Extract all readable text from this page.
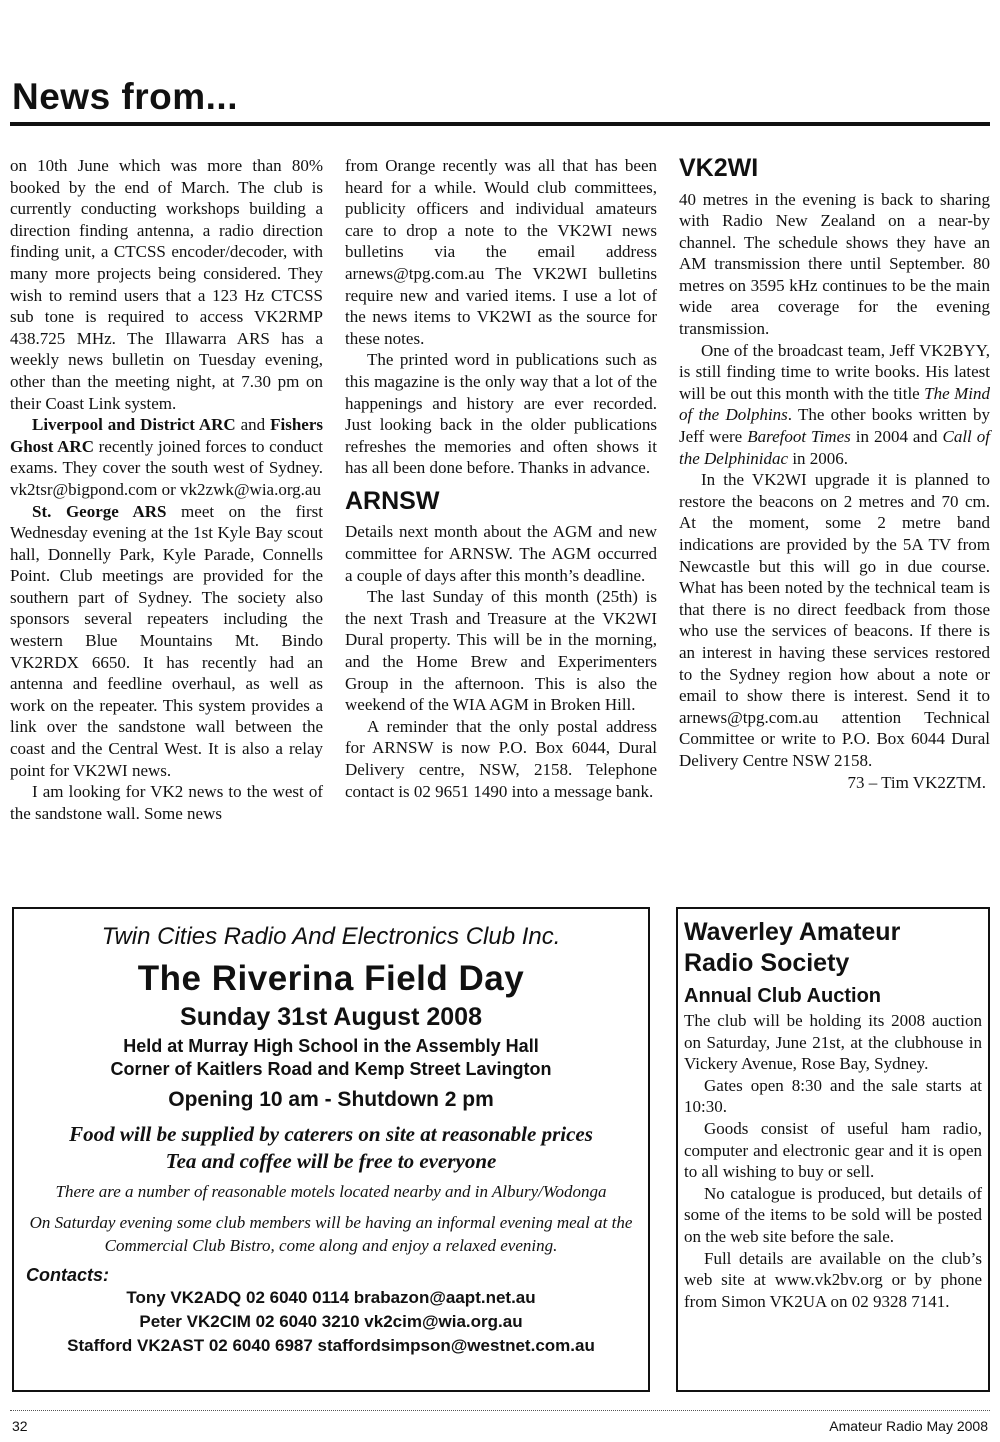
News from...

on 10th June which was more than 80% booked by the end of March. The club is currently conducting workshops building a direction finding antenna, a radio direction finding unit, a CTCSS encoder/decoder, with many more projects being considered. They wish to remind users that a 123 Hz CTCSS sub tone is required to access VK2RMP 438.725 MHz. The Illawarra ARS has a weekly news bulletin on Tuesday evening, other than the meeting night, at 7.30 pm on their Coast Link system.

Liverpool and District ARC and Fishers Ghost ARC recently joined forces to conduct exams. They cover the south west of Sydney. vk2tsr@bigpond.com or vk2zwk@wia.org.au

St. George ARS meet on the first Wednesday evening at the 1st Kyle Bay scout hall, Donnelly Park, Kyle Parade, Connells Point. Club meetings are provided for the southern part of Sydney. The society also sponsors several repeaters including the western Blue Mountains Mt. Bindo VK2RDX 6650. It has recently had an antenna and feedline overhaul, as well as work on the repeater. This system provides a link over the sandstone wall between the coast and the Central West. It is also a relay point for VK2WI news.

I am looking for VK2 news to the west of the sandstone wall. Some news

from Orange recently was all that has been heard for a while. Would club committees, publicity officers and individual amateurs care to drop a note to the VK2WI news bulletins via the email address arnews@tpg.com.au The VK2WI bulletins require new and varied items. I use a lot of the news items to VK2WI as the source for these notes.

The printed word in publications such as this magazine is the only way that a lot of the happenings and history are ever recorded. Just looking back in the older publications refreshes the memories and often shows it has all been done before. Thanks in advance.

ARNSW

Details next month about the AGM and new committee for ARNSW. The AGM occurred a couple of days after this month’s deadline.

The last Sunday of this month (25th) is the next Trash and Treasure at the VK2WI Dural property. This will be in the morning, and the Home Brew and Experimenters Group in the afternoon. This is also the weekend of the WIA AGM in Broken Hill.

A reminder that the only postal address for ARNSW is now P.O. Box 6044, Dural Delivery centre, NSW, 2158. Telephone contact is 02 9651 1490 into a message bank.

VK2WI

40 metres in the evening is back to sharing with Radio New Zealand on a near-by channel. The schedule shows they have an AM transmission there until September. 80 metres on 3595 kHz continues to be the main wide area coverage for the evening transmission.

One of the broadcast team, Jeff VK2BYY, is still finding time to write books. His latest will be out this month with the title The Mind of the Dolphins. The other books written by Jeff were Barefoot Times in 2004 and Call of the Delphinidac in 2006.

In the VK2WI upgrade it is planned to restore the beacons on 2 metres and 70 cm. At the moment, some 2 metre band indications are provided by the 5A TV from Newcastle but this will go in due course. What has been noted by the technical team is that there is no direct feedback from those who use the services of beacons. If there is an interest in having these services restored to the Sydney region how about a note or email to show there is interest. Send it to arnews@tpg.com.au attention Technical Committee or write to P.O. Box 6044 Dural Delivery Centre NSW 2158.

73 – Tim VK2ZTM.

Twin Cities Radio And Electronics Club Inc.
The Riverina Field Day
Sunday 31st August 2008
Held at Murray High School in the Assembly Hall
Corner of Kaitlers Road and Kemp Street Lavington
Opening 10 am - Shutdown 2 pm
Food will be supplied by caterers on site at reasonable prices
Tea and coffee will be free to everyone
There are a number of reasonable motels located nearby and in Albury/Wodonga
On Saturday evening some club members will be having an informal evening meal at the Commercial Club Bistro, come along and enjoy a relaxed evening.
Contacts:
Tony VK2ADQ 02 6040 0114 brabazon@aapt.net.au
Peter VK2CIM 02 6040 3210 vk2cim@wia.org.au
Stafford VK2AST 02 6040 6987 staffordsimpson@westnet.com.au
Waverley Amateur
Radio Society
Annual Club Auction

The club will be holding its 2008 auction on Saturday, June 21st, at the clubhouse in Vickery Avenue, Rose Bay, Sydney.

Gates open 8:30 and the sale starts at 10:30.

Goods consist of useful ham radio, computer and electronic gear and it is open to all wishing to buy or sell.

No catalogue is produced, but details of some of the items to be sold will be posted on the web site before the sale.

Full details are available on the club’s web site at www.vk2bv.org or by phone from Simon VK2UA on 02 9328 7141.

32	Amateur Radio May 2008
